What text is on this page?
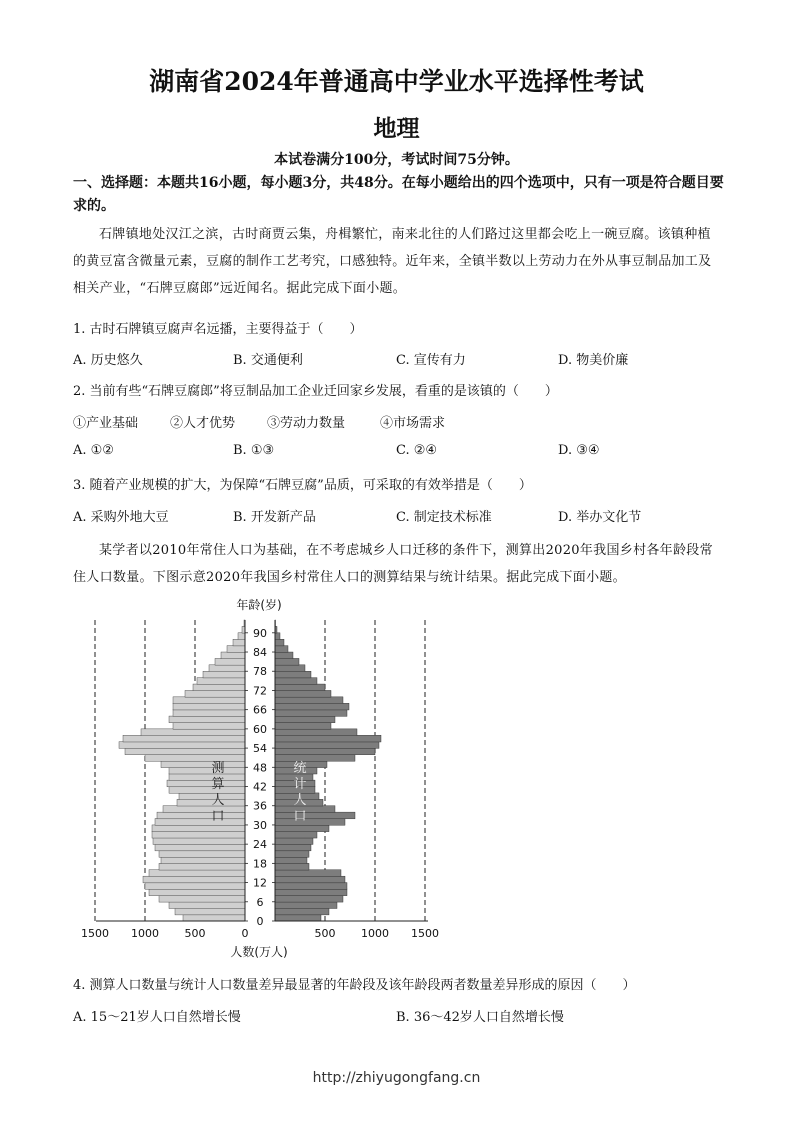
湖南省2024年普通高中学业水平选择性考试
地理
本试卷满分100分，考试时间75分钟。
一、选择题：本题共16小题，每小题3分，共48分。在每小题给出的四个选项中，只有一项是符合题目要求的。
石牌镇地处汉江之滨，古时商贾云集，舟楫繁忙，南来北往的人们路过这里都会吃上一碗豆腐。该镇种植的黄豆富含微量元素，豆腐的制作工艺考究，口感独特。近年来，全镇半数以上劳动力在外从事豆制品加工及相关产业，“石牌豆腐郎”远近闻名。据此完成下面小题。
1. 古时石牌镇豆腐声名远播，主要得益于（　　）
A. 历史悠久	B. 交通便利	C. 宣传有力	D. 物美价廉
2. 当前有些“石牌豆腐郎”将豆制品加工企业迁回家乡发展，看重的是该镇的（　　）
①产业基础 ②人才优势 ③劳动力数量	④市场需求
A. ①②	B. ①③	C. ②④	D. ③④
3. 随着产业规模的扩大，为保障“石牌豆腐”品质，可采取的有效举措是（　　）
A. 采购外地大豆	B. 开发新产品	C. 制定技术标准	D. 举办文化节
某学者以2010年常住人口为基础，在不考虑城乡人口迁移的条件下，测算出2020年我国乡村各年龄段常住人口数量。下图示意2020年我国乡村常住人口的测算结果与统计结果。据此完成下面小题。
0
6
12
18
24
30
36
42
48
54
60
66
72
78
84
90
1500 1000 500	0	500 1000 1500
年龄(岁)
人数(万人)
测算人口
统计人口
4. 测算人口数量与统计人口数量差异最显著的年龄段及该年龄段两者数量差异形成的原因（　　）
A. 15～21岁人口自然增长慢	B. 36～42岁人口自然增长慢
http://zhiyugongfang.cn
